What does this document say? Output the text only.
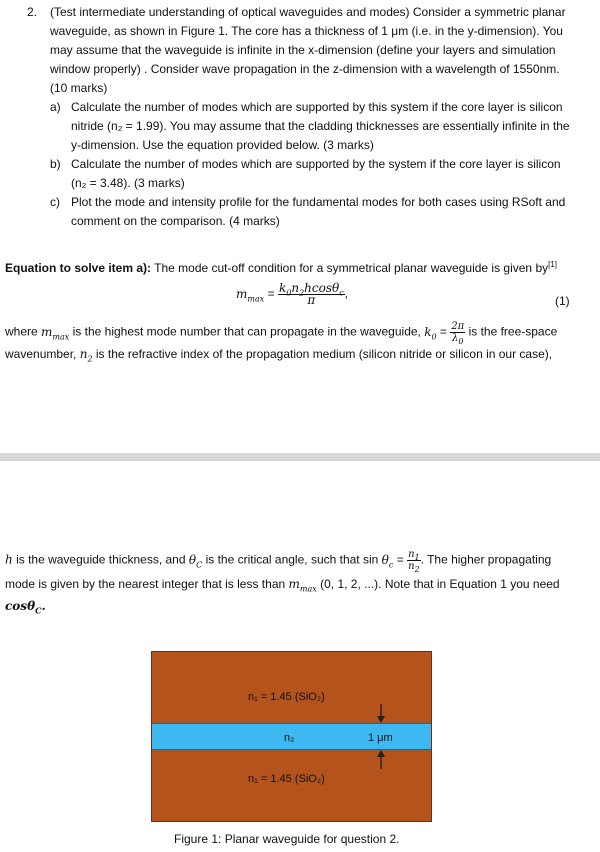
2. (Test intermediate understanding of optical waveguides and modes) Consider a symmetric planar
waveguide, as shown in Figure 1. The core has a thickness of 1 μm (i.e. in the y-dimension). You
may assume that the waveguide is infinite in the x-dimension (define your layers and simulation
window properly) . Consider wave propagation in the z-dimension with a wavelength of 1550nm.
(10 marks)
a) Calculate the number of modes which are supported by this system if the core layer is silicon
nitride (n₂ = 1.99). You may assume that the cladding thicknesses are essentially infinite in the
y-dimension. Use the equation provided below. (3 marks)
b) Calculate the number of modes which are supported by the system if the core layer is silicon
(n₂ = 3.48). (3 marks)
c) Plot the mode and intensity profile for the fundamental modes for both cases using RSoft and
comment on the comparison. (4 marks)
Equation to solve item a): The mode cut-off condition for a symmetrical planar waveguide is given by[1]
$m_{max} = \frac{k_0n_2hcos\theta_c}{\pi}$ ,
(1)
where $m_{max}$ is the highest mode number that can propagate in the waveguide, $k_0 = \frac{2\pi}{\lambda_0}$ is the free-space
wavenumber, $n_2$ is the refractive index of the propagation medium (silicon nitride or silicon in our case),
h is the waveguide thickness, and $\theta_C$ is the critical angle, such that $\sin \theta_c = \frac{n_1}{n_2}$ . The higher propagating
mode is given by the nearest integer that is less than $m_{max}$ (0, 1, 2, ...). Note that in Equation 1 you need
cosθ$_C$.
n₁ = 1.45 (SiO₂)
n₂	1 μm
n₁ = 1.45 (SiO₂)
Figure 1: Planar waveguide for question 2.
